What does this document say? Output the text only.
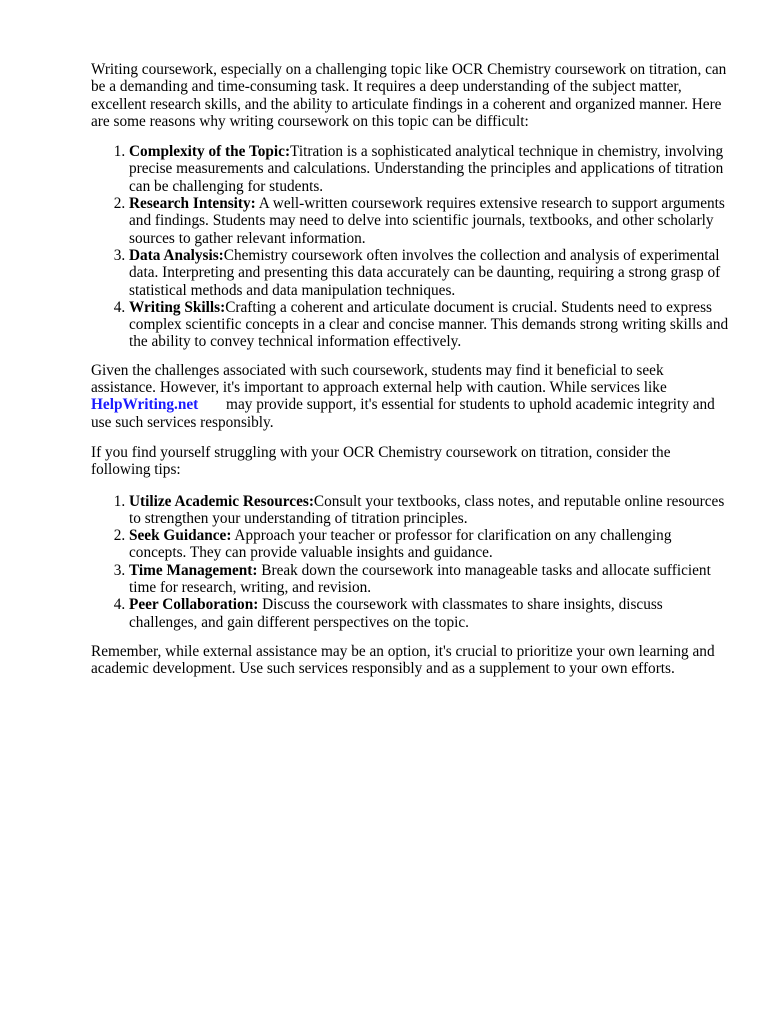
Writing coursework, especially on a challenging topic like OCR Chemistry coursework on titration, can be a demanding and time-consuming task. It requires a deep understanding of the subject matter, excellent research skills, and the ability to articulate findings in a coherent and organized manner. Here are some reasons why writing coursework on this topic can be difficult:

1. Complexity of the Topic:Titration is a sophisticated analytical technique in chemistry, involving precise measurements and calculations. Understanding the principles and applications of titration can be challenging for students.
2. Research Intensity: A well-written coursework requires extensive research to support arguments and findings. Students may need to delve into scientific journals, textbooks, and other scholarly sources to gather relevant information.
3. Data Analysis:Chemistry coursework often involves the collection and analysis of experimental data. Interpreting and presenting this data accurately can be daunting, requiring a strong grasp of statistical methods and data manipulation techniques.
4. Writing Skills:Crafting a coherent and articulate document is crucial. Students need to express complex scientific concepts in a clear and concise manner. This demands strong writing skills and the ability to convey technical information effectively.

Given the challenges associated with such coursework, students may find it beneficial to seek assistance. However, it's important to approach external help with caution. While services like HelpWriting.net may provide support, it's essential for students to uphold academic integrity and use such services responsibly.

If you find yourself struggling with your OCR Chemistry coursework on titration, consider the following tips:

1. Utilize Academic Resources:Consult your textbooks, class notes, and reputable online resources to strengthen your understanding of titration principles.
2. Seek Guidance: Approach your teacher or professor for clarification on any challenging concepts. They can provide valuable insights and guidance.
3. Time Management: Break down the coursework into manageable tasks and allocate sufficient time for research, writing, and revision.
4. Peer Collaboration: Discuss the coursework with classmates to share insights, discuss challenges, and gain different perspectives on the topic.

Remember, while external assistance may be an option, it's crucial to prioritize your own learning and academic development. Use such services responsibly and as a supplement to your own efforts.
